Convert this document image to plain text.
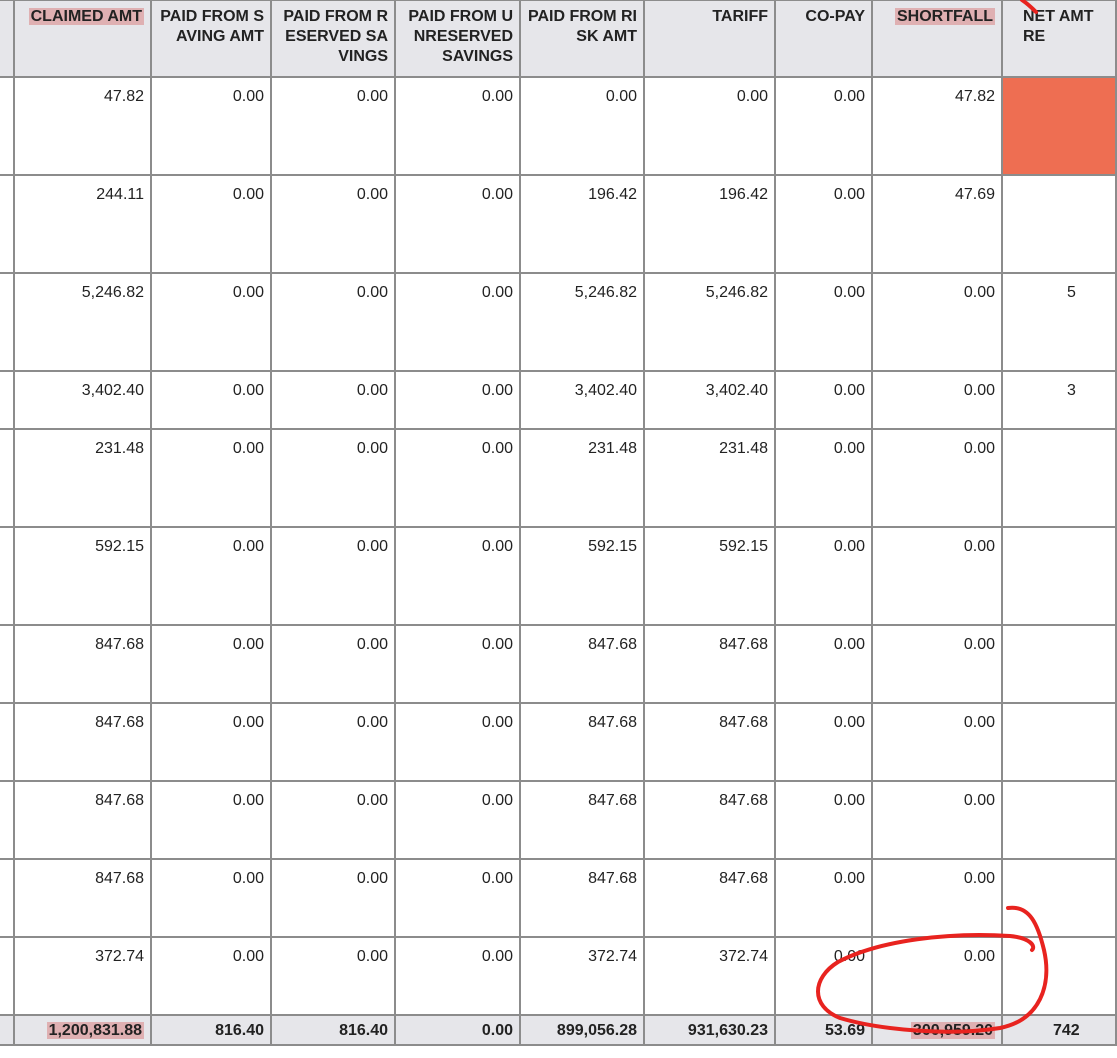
	CLAIMED AMT	PAID FROM SAVING AMT	PAID FROM RESERVED SAVINGS	PAID FROM UNRESERVED SAVINGS	PAID FROM RISK AMT	TARIFF	CO-PAY	SHORTFALL	NET AMT RE
	47.82	0.00	0.00	0.00	0.00	0.00	0.00	47.82	
	244.11	0.00	0.00	0.00	196.42	196.42	0.00	47.69	
	5,246.82	0.00	0.00	0.00	5,246.82	5,246.82	0.00	0.00	5
	3,402.40	0.00	0.00	0.00	3,402.40	3,402.40	0.00	0.00	3
	231.48	0.00	0.00	0.00	231.48	231.48	0.00	0.00	
	592.15	0.00	0.00	0.00	592.15	592.15	0.00	0.00	
	847.68	0.00	0.00	0.00	847.68	847.68	0.00	0.00	
	847.68	0.00	0.00	0.00	847.68	847.68	0.00	0.00	
	847.68	0.00	0.00	0.00	847.68	847.68	0.00	0.00	
	847.68	0.00	0.00	0.00	847.68	847.68	0.00	0.00	
	372.74	0.00	0.00	0.00	372.74	372.74	0.00	0.00	
	1,200,831.88	816.40	816.40	0.00	899,056.28	931,630.23	53.69	300,959.20	742
